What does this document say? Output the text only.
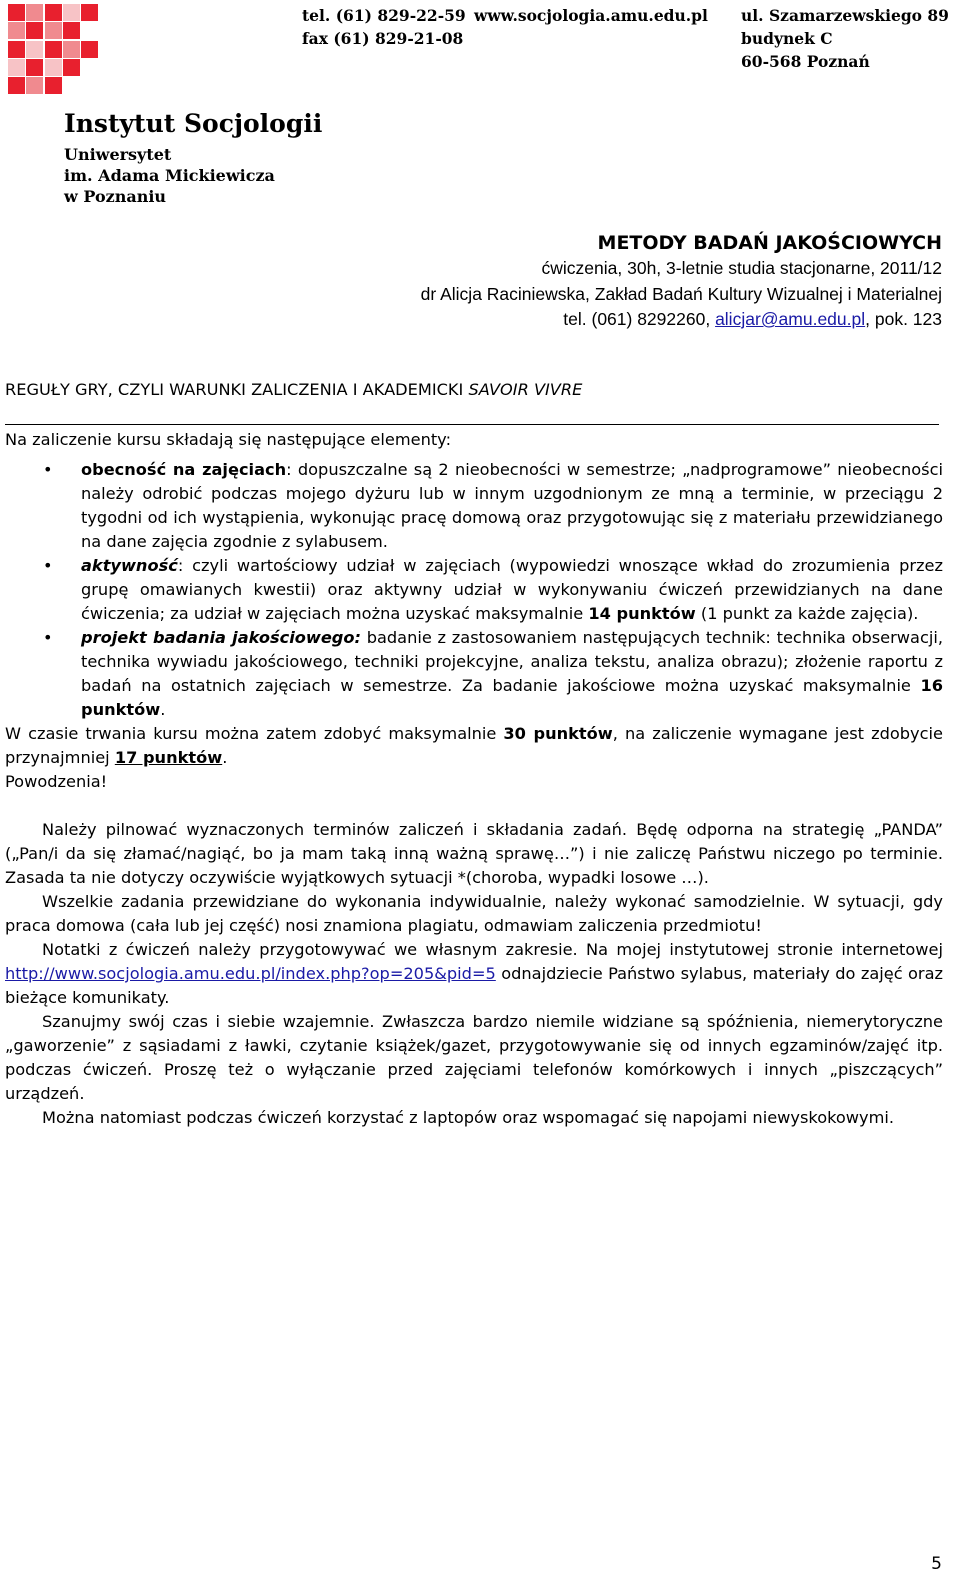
tel. (61) 829-22-59
fax (61) 829-21-08
www.socjologia.amu.edu.pl ul. Szamarzewskiego 89
budynek C
60-568 Poznań
Instytut Socjologii
Uniwersytet
im. Adama Mickiewicza
w Poznaniu
METODY BADAŃ JAKOŚCIOWYCH
ćwiczenia, 30h, 3-letnie studia stacjonarne, 2011/12
dr Alicja Raciniewska, Zakład Badań Kultury Wizualnej i Materialnej
tel. (061) 8292260, alicjar@amu.edu.pl, pok. 123
REGUŁY GRY, CZYLI WARUNKI ZALICZENIA I AKADEMICKI SAVOIR VIVRE
Na zaliczenie kursu składają się następujące elementy:
• obecność na zajęciach: dopuszczalne są 2 nieobecności w semestrze; „nadprogramowe” nieobecności należy odrobić podczas mojego dyżuru lub w innym uzgodnionym ze mną a terminie, w przeciągu 2 tygodni od ich wystąpienia, wykonując pracę domową oraz przygotowując się z materiału przewidzianego na dane zajęcia zgodnie z sylabusem.
• aktywność: czyli wartościowy udział w zajęciach (wypowiedzi wnoszące wkład do zrozumienia przez grupę omawianych kwestii) oraz aktywny udział w wykonywaniu ćwiczeń przewidzianych na dane ćwiczenia; za udział w zajęciach można uzyskać maksymalnie 14 punktów (1 punkt za każde zajęcia).
• projekt badania jakościowego: badanie z zastosowaniem następujących technik: technika obserwacji, technika wywiadu jakościowego, techniki projekcyjne, analiza tekstu, analiza obrazu); złożenie raportu z badań na ostatnich zajęciach w semestrze. Za badanie jakościowe można uzyskać maksymalnie 16 punktów.
W czasie trwania kursu można zatem zdobyć maksymalnie 30 punktów, na zaliczenie wymagane jest zdobycie przynajmniej 17 punktów.
Powodzenia!

Należy pilnować wyznaczonych terminów zaliczeń i składania zadań. Będę odporna na strategię „PANDA” („Pan/i da się złamać/nagiąć, bo ja mam taką inną ważną sprawę…”) i nie zaliczę Państwu niczego po terminie. Zasada ta nie dotyczy oczywiście wyjątkowych sytuacji *(choroba, wypadki losowe …).

Wszelkie zadania przewidziane do wykonania indywidualnie, należy wykonać samodzielnie. W sytuacji, gdy praca domowa (cała lub jej część) nosi znamiona plagiatu, odmawiam zaliczenia przedmiotu!

Notatki z ćwiczeń należy przygotowywać we własnym zakresie. Na mojej instytutowej stronie internetowej http://www.socjologia.amu.edu.pl/index.php?op=205&pid=5 odnajdziecie Państwo sylabus, materiały do zajęć oraz bieżące komunikaty.

Szanujmy swój czas i siebie wzajemnie. Zwłaszcza bardzo niemile widziane są spóźnienia, niemerytoryczne „gaworzenie” z sąsiadami z ławki, czytanie książek/gazet, przygotowywanie się od innych egzaminów/zajęć itp. podczas ćwiczeń. Proszę też o wyłączanie przed zajęciami telefonów komórkowych i innych „piszczących” urządzeń.

Można natomiast podczas ćwiczeń korzystać z laptopów oraz wspomagać się napojami niewyskokowymi.

5
